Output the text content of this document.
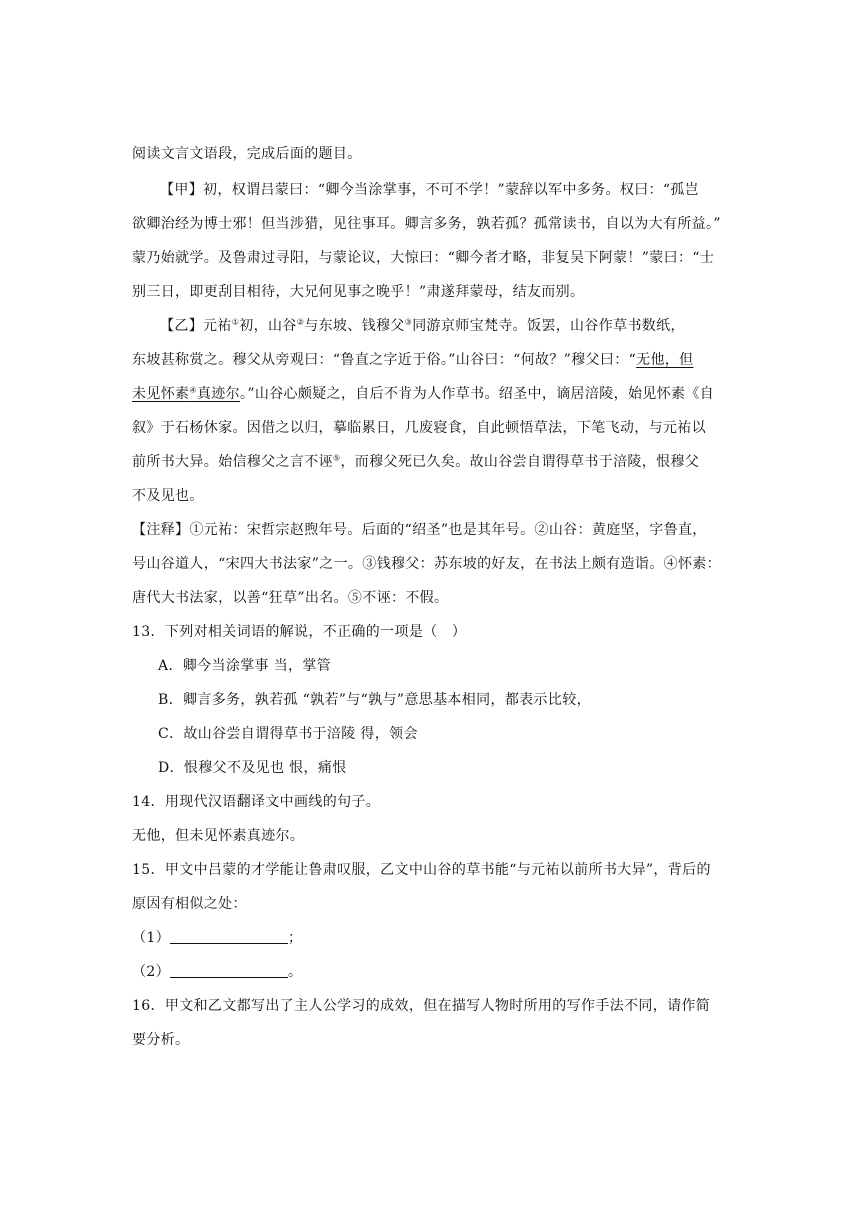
阅读文言文语段，完成后面的题目。
【甲】初，权谓吕蒙曰：“卿今当涂掌事，不可不学！”蒙辞以军中多务。权曰：“孤岂
欲卿治经为博士邪！但当涉猎，见往事耳。卿言多务，孰若孤？孤常读书，自以为大有所益。”
蒙乃始就学。及鲁肃过寻阳，与蒙论议，大惊曰：“卿今者才略，非复吴下阿蒙！”蒙曰：“士
别三日，即更刮目相待，大兄何见事之晚乎！”肃遂拜蒙母，结友而别。
【乙】元祐①初，山谷②与东坡、钱穆父③同游京师宝梵寺。饭罢，山谷作草书数纸，
东坡甚称赏之。穆父从旁观曰：“鲁直之字近于俗。”山谷曰：“何故？”穆父曰：“无他，但
未见怀素④真迹尔。”山谷心颇疑之，自后不肯为人作草书。绍圣中，谪居涪陵，始见怀素《自
叙》于石杨休家。因借之以归，摹临累日，几废寝食，自此顿悟草法，下笔飞动，与元祐以
前所书大异。始信穆父之言不诬⑤，而穆父死已久矣。故山谷尝自谓得草书于涪陵，恨穆父
不及见也。
【注释】①元祐：宋哲宗赵煦年号。后面的“绍圣”也是其年号。②山谷：黄庭坚，字鲁直，
号山谷道人，“宋四大书法家”之一。③钱穆父：苏东坡的好友，在书法上颇有造诣。④怀素：
唐代大书法家，以善“狂草”出名。⑤不诬：不假。
13．下列对相关词语的解说，不正确的一项是（　）
A．卿今当涂掌事 当，掌管
B．卿言多务，孰若孤 “孰若”与“孰与”意思基本相同，都表示比较，
C．故山谷尝自谓得草书于涪陵 得，领会
D．恨穆父不及见也 恨，痛恨
14．用现代汉语翻译文中画线的句子。
无他，但未见怀素真迹尔。
15．甲文中吕蒙的才学能让鲁肃叹服，乙文中山谷的草书能“与元祐以前所书大异”，背后的
原因有相似之处：
（1）	；
（2）	。
16．甲文和乙文都写出了主人公学习的成效，但在描写人物时所用的写作手法不同，请作简
要分析。
